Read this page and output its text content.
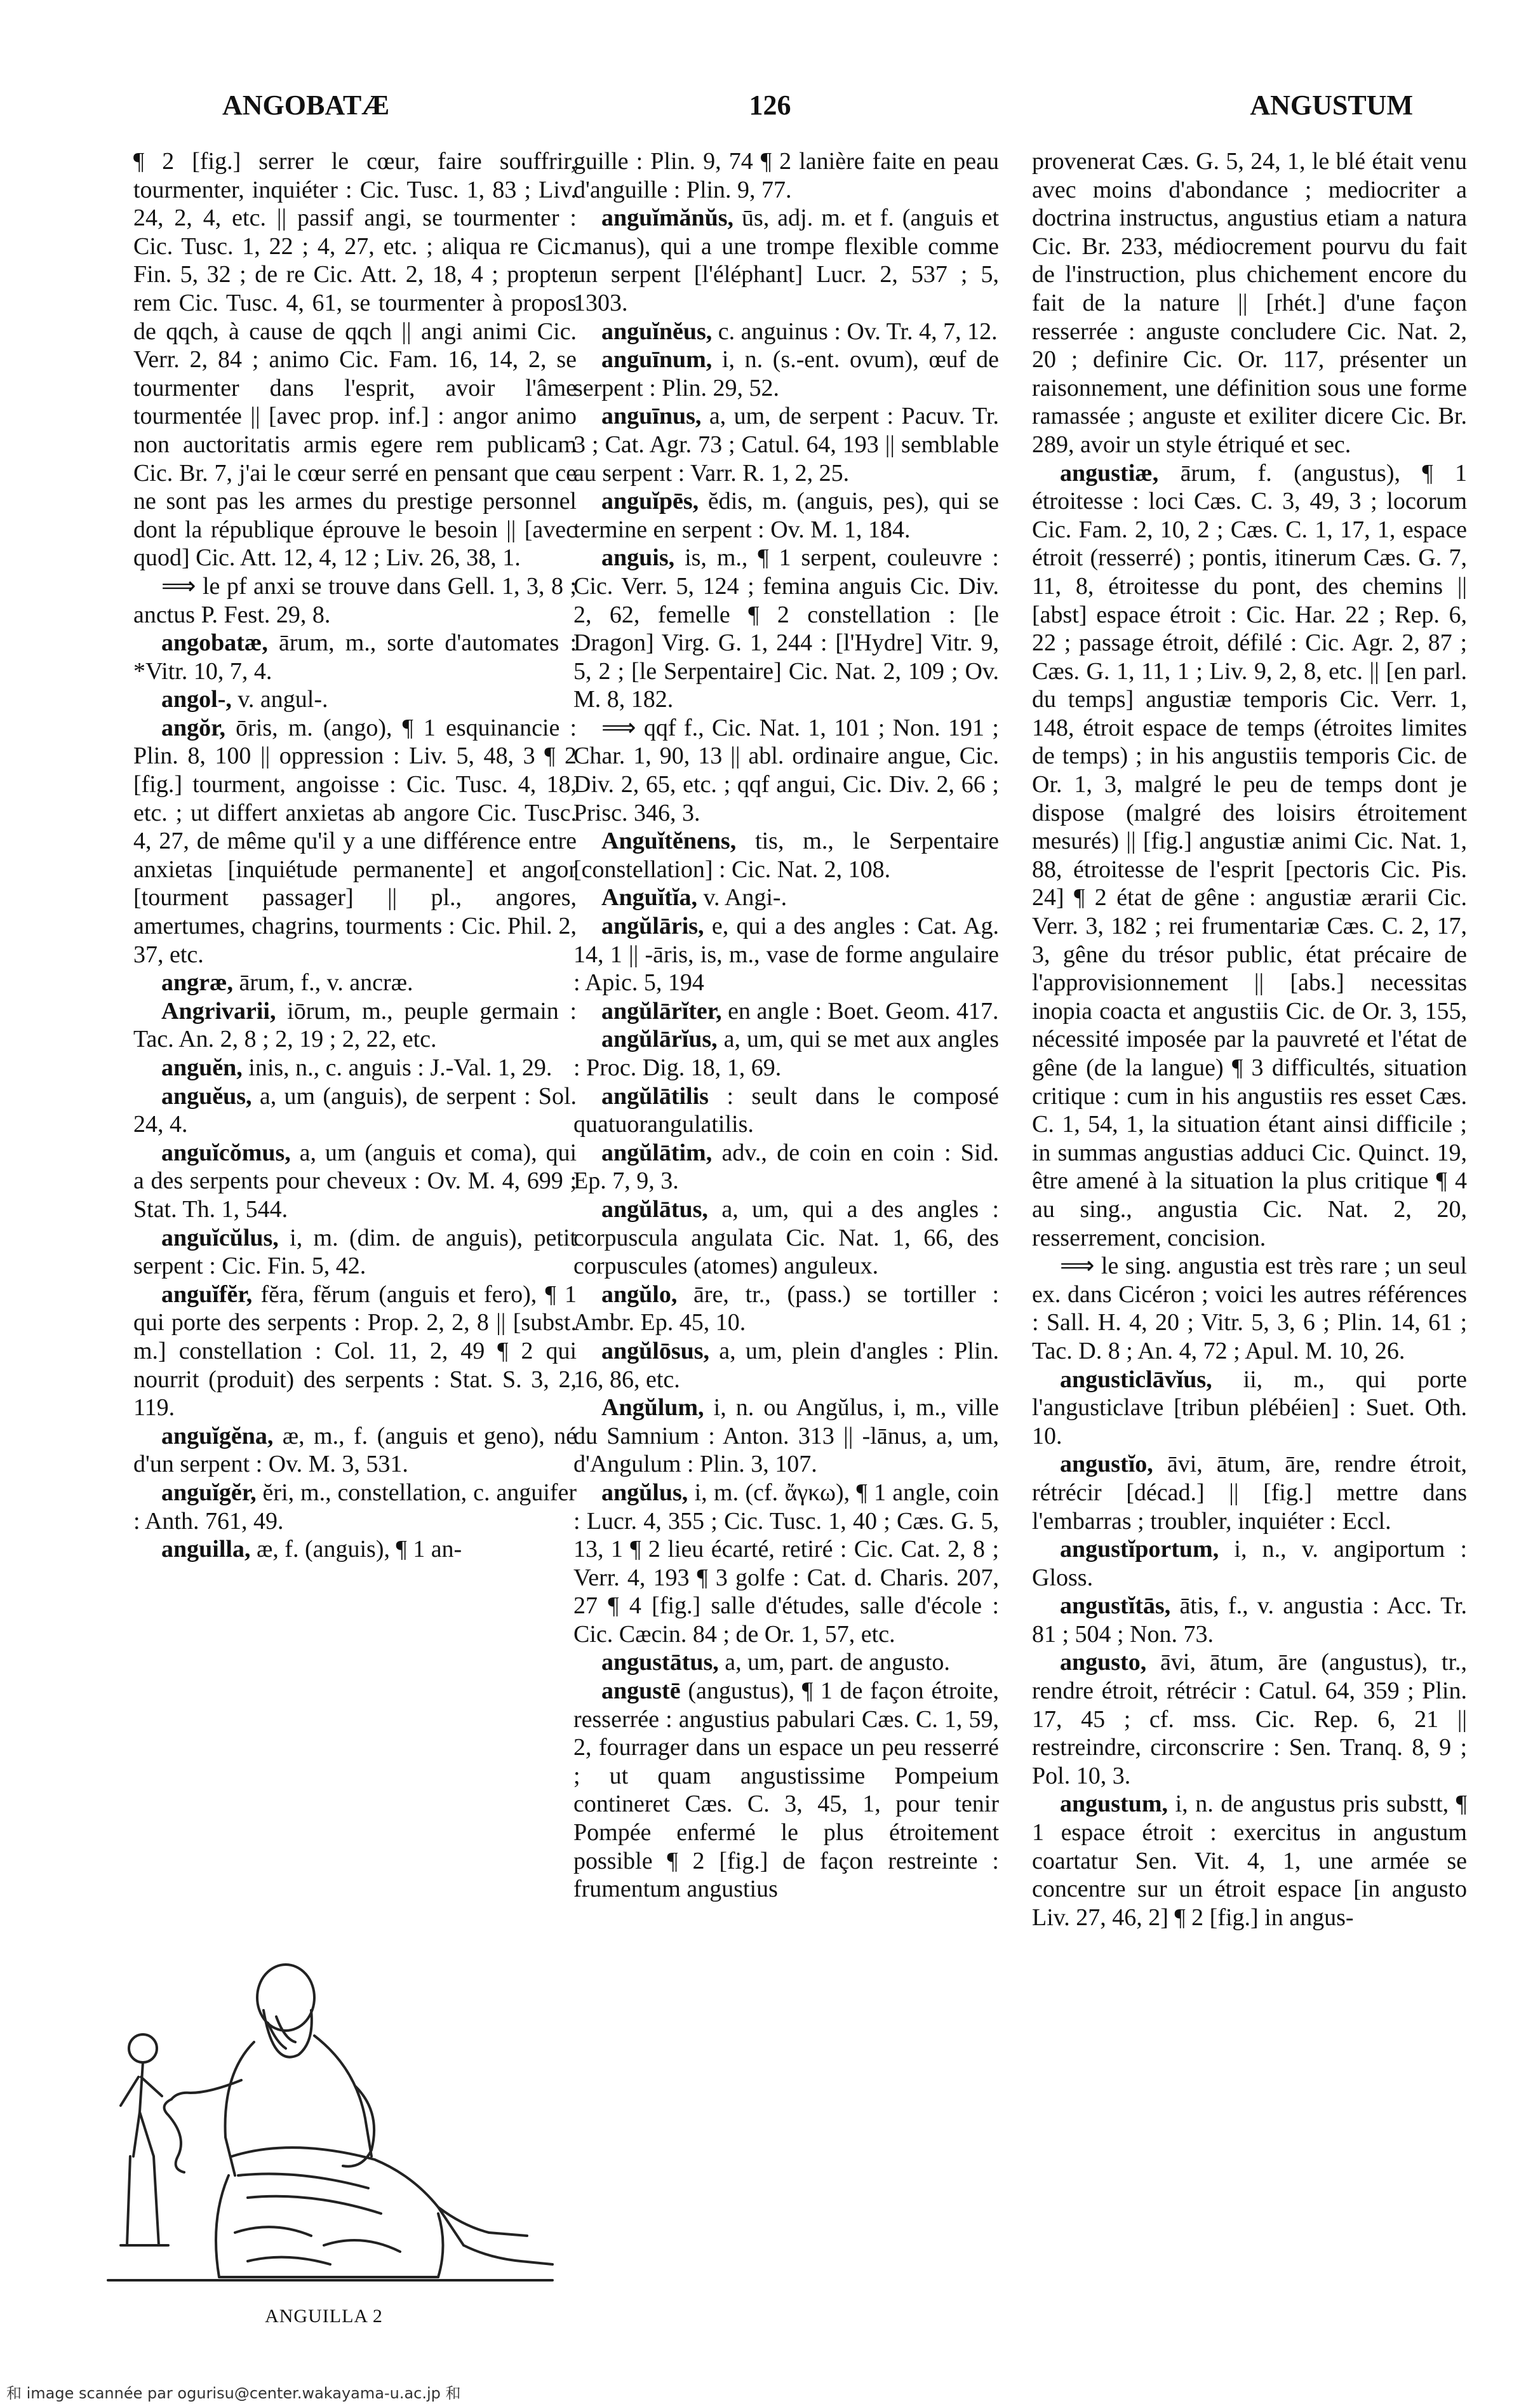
ANGOBATÆ	126	ANGUSTUM

¶ 2 [fig.] serrer le cœur, faire souffrir, tourmenter, inquiéter : Cic. Tusc. 1, 83 ; Liv. 24, 2, 4, etc. || passif angi, se tourmenter : Cic. Tusc. 1, 22 ; 4, 27, etc. ; aliqua re Cic. Fin. 5, 32 ; de re Cic. Att. 2, 18, 4 ; propter rem Cic. Tusc. 4, 61, se tourmenter à propos de qqch, à cause de qqch || angi animi Cic. Verr. 2, 84 ; animo Cic. Fam. 16, 14, 2, se tourmenter dans l'esprit, avoir l'âme tourmentée || [avec prop. inf.] : angor animo non auctoritatis armis egere rem publicam Cic. Br. 7, j'ai le cœur serré en pensant que ce ne sont pas les armes du prestige personnel dont la république éprouve le besoin || [avec quod] Cic. Att. 12, 4, 12 ; Liv. 26, 38, 1.

⟹ le pf anxi se trouve dans Gell. 1, 3, 8 ; anctus P. Fest. 29, 8.

angobatæ, ārum, m., sorte d'automates : *Vitr. 10, 7, 4.

angol-, v. angul-.

angŏr, ōris, m. (ango), ¶ 1 esquinancie : Plin. 8, 100 || oppression : Liv. 5, 48, 3 ¶ 2 [fig.] tourment, angoisse : Cic. Tusc. 4, 18, etc. ; ut differt anxietas ab angore Cic. Tusc. 4, 27, de même qu'il y a une différence entre anxietas [inquiétude permanente] et angor [tourment passager] || pl., angores, amertumes, chagrins, tourments : Cic. Phil. 2, 37, etc.

angræ, ārum, f., v. ancræ.

Angrivarii, iōrum, m., peuple germain : Tac. An. 2, 8 ; 2, 19 ; 2, 22, etc.

anguĕn, inis, n., c. anguis : J.-Val. 1, 29.

anguĕus, a, um (anguis), de serpent : Sol. 24, 4.

anguĭcŏmus, a, um (anguis et coma), qui a des serpents pour cheveux : Ov. M. 4, 699 ; Stat. Th. 1, 544.

anguĭcŭlus, i, m. (dim. de anguis), petit serpent : Cic. Fin. 5, 42.

anguĭfĕr, fĕra, fĕrum (anguis et fero), ¶ 1 qui porte des serpents : Prop. 2, 2, 8 || [subst. m.] constellation : Col. 11, 2, 49 ¶ 2 qui nourrit (produit) des serpents : Stat. S. 3, 2, 119.

anguĭgĕna, æ, m., f. (anguis et geno), né d'un serpent : Ov. M. 3, 531.

anguĭgĕr, ĕri, m., constellation, c. anguifer : Anth. 761, 49.

anguilla, æ, f. (anguis), ¶ 1 an-

guille : Plin. 9, 74 ¶ 2 lanière faite en peau d'anguille : Plin. 9, 77.

anguĭmănŭs, ūs, adj. m. et f. (anguis et manus), qui a une trompe flexible comme un serpent [l'éléphant] Lucr. 2, 537 ; 5, 1303.

anguĭnĕus, c. anguinus : Ov. Tr. 4, 7, 12.

anguīnum, i, n. (s.-ent. ovum), œuf de serpent : Plin. 29, 52.

anguīnus, a, um, de serpent : Pacuv. Tr. 3 ; Cat. Agr. 73 ; Catul. 64, 193 || semblable au serpent : Varr. R. 1, 2, 25.

anguĭpēs, ĕdis, m. (anguis, pes), qui se termine en serpent : Ov. M. 1, 184.

anguis, is, m., ¶ 1 serpent, couleuvre : Cic. Verr. 5, 124 ; femina anguis Cic. Div. 2, 62, femelle ¶ 2 constellation : [le Dragon] Virg. G. 1, 244 : [l'Hydre] Vitr. 9, 5, 2 ; [le Serpentaire] Cic. Nat. 2, 109 ; Ov. M. 8, 182.

⟹ qqf f., Cic. Nat. 1, 101 ; Non. 191 ; Char. 1, 90, 13 || abl. ordinaire angue, Cic. Div. 2, 65, etc. ; qqf angui, Cic. Div. 2, 66 ; Prisc. 346, 3.

Anguĭtĕnens, tis, m., le Serpentaire [constellation] : Cic. Nat. 2, 108.

Anguĭtĭa, v. Angi-.

angŭlāris, e, qui a des angles : Cat. Ag. 14, 1 || -āris, is, m., vase de forme angulaire : Apic. 5, 194

angŭlārĭter, en angle : Boet. Geom. 417.

angŭlārĭus, a, um, qui se met aux angles : Proc. Dig. 18, 1, 69.

angŭlātilis : seult dans le composé quatuorangulatilis.

angŭlātim, adv., de coin en coin : Sid. Ep. 7, 9, 3.

angŭlātus, a, um, qui a des angles : corpuscula angulata Cic. Nat. 1, 66, des corpuscules (atomes) anguleux.

angŭlo, āre, tr., (pass.) se tortiller : Ambr. Ep. 45, 10.

angŭlōsus, a, um, plein d'angles : Plin. 16, 86, etc.

Angŭlum, i, n. ou Angŭlus, i, m., ville du Samnium : Anton. 313 || -lānus, a, um, d'Angulum : Plin. 3, 107.

angŭlus, i, m. (cf. ἄγκω), ¶ 1 angle, coin : Lucr. 4, 355 ; Cic. Tusc. 1, 40 ; Cæs. G. 5, 13, 1 ¶ 2 lieu écarté, retiré : Cic. Cat. 2, 8 ; Verr. 4, 193 ¶ 3 golfe : Cat. d. Charis. 207, 27 ¶ 4 [fig.] salle d'études, salle d'école : Cic. Cæcin. 84 ; de Or. 1, 57, etc.

angustātus, a, um, part. de angusto.

angustē (angustus), ¶ 1 de façon étroite, resserrée : angustius pabulari Cæs. C. 1, 59, 2, fourrager dans un espace un peu resserré ; ut quam angustissime Pompeium contineret Cæs. C. 3, 45, 1, pour tenir Pompée enfermé le plus étroitement possible ¶ 2 [fig.] de façon restreinte : frumentum angustius

provenerat Cæs. G. 5, 24, 1, le blé était venu avec moins d'abondance ; mediocriter a doctrina instructus, angustius etiam a natura Cic. Br. 233, médiocrement pourvu du fait de l'instruction, plus chichement encore du fait de la nature || [rhét.] d'une façon resserrée : anguste concludere Cic. Nat. 2, 20 ; definire Cic. Or. 117, présenter un raisonnement, une définition sous une forme ramassée ; anguste et exiliter dicere Cic. Br. 289, avoir un style étriqué et sec.

angustiæ, ārum, f. (angustus), ¶ 1 étroitesse : loci Cæs. C. 3, 49, 3 ; locorum Cic. Fam. 2, 10, 2 ; Cæs. C. 1, 17, 1, espace étroit (resserré) ; pontis, itinerum Cæs. G. 7, 11, 8, étroitesse du pont, des chemins || [abst] espace étroit : Cic. Har. 22 ; Rep. 6, 22 ; passage étroit, défilé : Cic. Agr. 2, 87 ; Cæs. G. 1, 11, 1 ; Liv. 9, 2, 8, etc. || [en parl. du temps] angustiæ temporis Cic. Verr. 1, 148, étroit espace de temps (étroites limites de temps) ; in his angustiis temporis Cic. de Or. 1, 3, malgré le peu de temps dont je dispose (malgré des loisirs étroitement mesurés) || [fig.] angustiæ animi Cic. Nat. 1, 88, étroitesse de l'esprit [pectoris Cic. Pis. 24] ¶ 2 état de gêne : angustiæ ærarii Cic. Verr. 3, 182 ; rei frumentariæ Cæs. C. 2, 17, 3, gêne du trésor public, état précaire de l'approvisionnement || [abs.] necessitas inopia coacta et angustiis Cic. de Or. 3, 155, nécessité imposée par la pauvreté et l'état de gêne (de la langue) ¶ 3 difficultés, situation critique : cum in his angustiis res esset Cæs. C. 1, 54, 1, la situation étant ainsi difficile ; in summas angustias adduci Cic. Quinct. 19, être amené à la situation la plus critique ¶ 4 au sing., angustia Cic. Nat. 2, 20, resserrement, concision.

⟹ le sing. angustia est très rare ; un seul ex. dans Cicéron ; voici les autres références : Sall. H. 4, 20 ; Vitr. 5, 3, 6 ; Plin. 14, 61 ; Tac. D. 8 ; An. 4, 72 ; Apul. M. 10, 26.

angusticlāvĭus, ii, m., qui porte l'angusticlave [tribun plébéien] : Suet. Oth. 10.

angustĭo, āvi, ātum, āre, rendre étroit, rétrécir [décad.] || [fig.] mettre dans l'embarras ; troubler, inquiéter : Eccl.

angustĭportum, i, n., v. angiportum : Gloss.

angustĭtās, ātis, f., v. angustia : Acc. Tr. 81 ; 504 ; Non. 73.

angusto, āvi, ātum, āre (angustus), tr., rendre étroit, rétrécir : Catul. 64, 359 ; Plin. 17, 45 ; cf. mss. Cic. Rep. 6, 21 || restreindre, circonscrire : Sen. Tranq. 8, 9 ; Pol. 10, 3.

angustum, i, n. de angustus pris substt, ¶ 1 espace étroit : exercitus in angustum coartatur Sen. Vit. 4, 1, une armée se concentre sur un étroit espace [in angusto Liv. 27, 46, 2] ¶ 2 [fig.] in angus-

ANGUILLA 2
和 image scannée par ogurisu@center.wakayama-u.ac.jp 和
